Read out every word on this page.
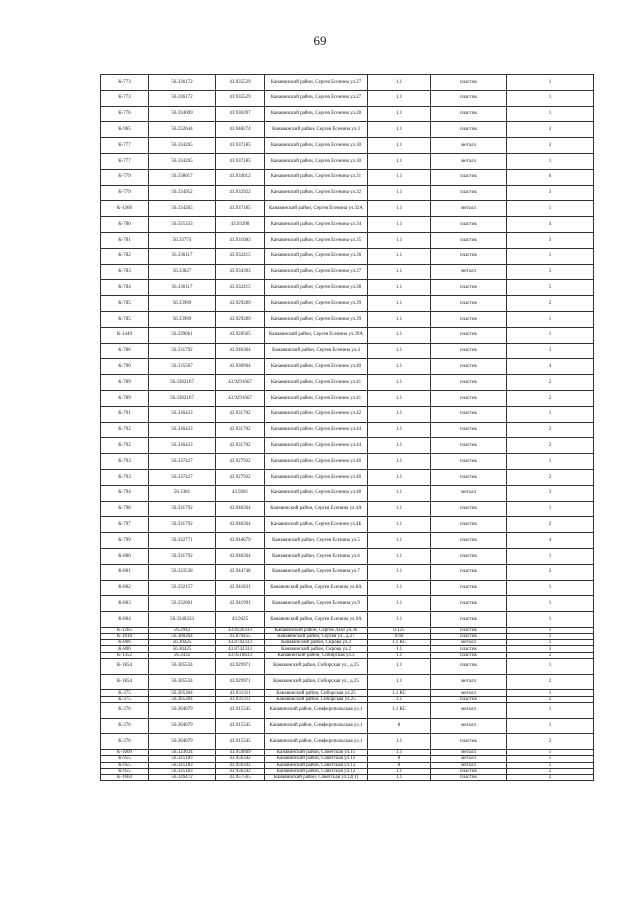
69
К-773	56.336172	43.935529	Канавинский район, Сергея Есенина ул.27	1.1	пластик	1
К-773	56.336172	43.935529	Канавинский район, Сергея Есенина ул.27	1.1	пластик	1
К-776	56.334009	43.936397	Канавинский район, Сергея Есенина ул.28	1.1	пластик	1
К-965	56.332644	43.948274	Канавинский район, Сергея Есенина ул.3	1.1	пластик	3
К-777	56.334265	43.937185	Канавинский район, Сергея Есенина ул.30	1.1	металл	3
К-777	56.334265	43.937185	Канавинский район, Сергея Есенина ул.30	1.1	металл	1
К-779	56.338017	43.934012	Канавинский район, Сергея Есенина ул.31	1.1	пластик	6
К-779	56.334952	43.932922	Канавинский район, Сергея Есенина ул.32	1.1	пластик	3
К-1366	56.334265	43.937185	Канавинский район, Сергея Есенина ул.32А	1.1	металл	1
К-780	56.335333	43.93398	Канавинский район, Сергея Есенина ул.34	1.1	пластик	4
К-781	56.33774	43.931683	Канавинский район, Сергея Есенина ул.35	1.1	пластик	3
К-782	56.336117	43.932415	Канавинский район, Сергея Есенина ул.36	1.1	пластик	1
К-783	56.33827	43.934393	Канавинский район, Сергея Есенина ул.37	1.1	металл	3
К-784	56.336117	43.932415	Канавинский район, Сергея Есенина ул.38	1.1	пластик	5
К-785	56.33969	43.929289	Канавинский район, Сергея Есенина ул.39	1.1	пластик	2
К-785	56.33969	43.929289	Канавинский район, Сергея Есенина ул.39	1.1	пластик	1
К-1440	56.339061	43.928565	Канавинский район, Сергея Есенина ул.39А	1.1	пластик	1
К-786	56.331792	43.946364	Канавинский район, Сергея Есенина ул.4	1.1	пластик	3
К-790	56.335567	43.930964	Канавинский район, Сергея Есенина ул.40	1.1	пластик	4
К-789	56.3382167	43.9291667	Канавинский район, Сергея Есенина ул.41	1.1	пластик	2
К-789	56.3382167	43.9291667	Канавинский район, Сергея Есенина ул.41	1.1	пластик	2
К-791	56.336423	43.931702	Канавинский район, Сергея Есенина ул.42	1.1	пластик	1
К-792	56.336423	43.931702	Канавинский район, Сергея Есенина ул.44	1.1	пластик	2
К-792	56.336423	43.931702	Канавинский район, Сергея Есенина ул.44	1.1	пластик	2
К-793	56.337427	43.927932	Канавинский район, Сергея Есенина ул.46	1.1	пластик	1
К-793	56.337427	43.927932	Канавинский район, Сергея Есенина ул.46	1.1	пластик	2
К-794	56.3381	43.9281	Канавинский район, Сергея Есенина ул.48	1.1	металл	3
К-798	56.331792	43.946364	Канавинский район, Сергея Есенина ул.4А	1.1	пластик	1
К-797	56.331792	43.946364	Канавинский район, Сергея Есенина ул.4Б	1.1	пластик	2
К-799	56.332771	43.944679	Канавинский район, Сергея Есенина ул.5	1.1	пластик	4
К-800	56.331792	43.946364	Канавинский район, Сергея Есенина ул.6	1.1	пластик	1
К-801	56.333538	43.944748	Канавинский район, Сергея Есенина ул.7	1.1	пластик	2
К-802	56.332157	43.941831	Канавинский район, Сергея Есенина ул.8А	1.1	пластик	1
К-803	56.332601	43.941991	Канавинский район, Сергея Есенина ул.9	1.1	пластик	1
К-804	56.3346333	43.9425	Канавинский район, Сергея Есенина ул.9А	1.1	пластик	1
К-1285	56.2942	43.8526333	Канавинский район, Сергея Лазо ул.36	0.125	пластик	1
К-1818	56.300264	43.876455	Канавинский район, Сергея ул., д.27	0.66	пластик	1
К-806	56.30425	43.8742333	Канавинский район, Сирова ул.2	1.1 КС	металл	1
К-806	56.30425	43.8742333	Канавинский район, Сирова ул.2	1.1	пластик	3
К-1352	56.3432	43.9518833	Канавинский район, Сибирская ул.3	1.1	пластик	2
К-1854	56.305534	43.929971	Канавинский район, Сибирская ул., д.25	1.1	пластик	1
К-1854	56.305534	43.929971	Канавинский район, Сибирская ул., д.25	1.1	металл	2
К-375	56.305304	43.931311	Канавинский район, Сибирская ул.25	1.1 КС	металл	1
К-375	56.305304	43.931311	Канавинский район, Сибирская ул.25	1.1	пластик	2
К-376	56.304079	43.915545	Канавинский район, Симферопольская ул.1	1.1 КС	металл	1
К-376	56.304079	43.915545	Канавинский район, Симферопольская ул.1	8	металл	1
К-376	56.304079	43.915545	Канавинский район, Симферопольская ул.1	1.1	пластик	2
К-1009	56.323634	43.954609	Канавинский район, Советская ул.11	1.1	металл	1
К-955	56.325183	43.956342	Канавинский район, Советская ул.12	8	металл	1
К-955	56.325183	43.956342	Канавинский район, Советская ул.12	8	металл	1
К-955	56.325183	43.956342	Канавинский район, Советская ул.12	1.1	пластик	2
К-1664	56.326472	43.957565	Канавинский район, Советская ул.12(1)	1.1	пластик	2
